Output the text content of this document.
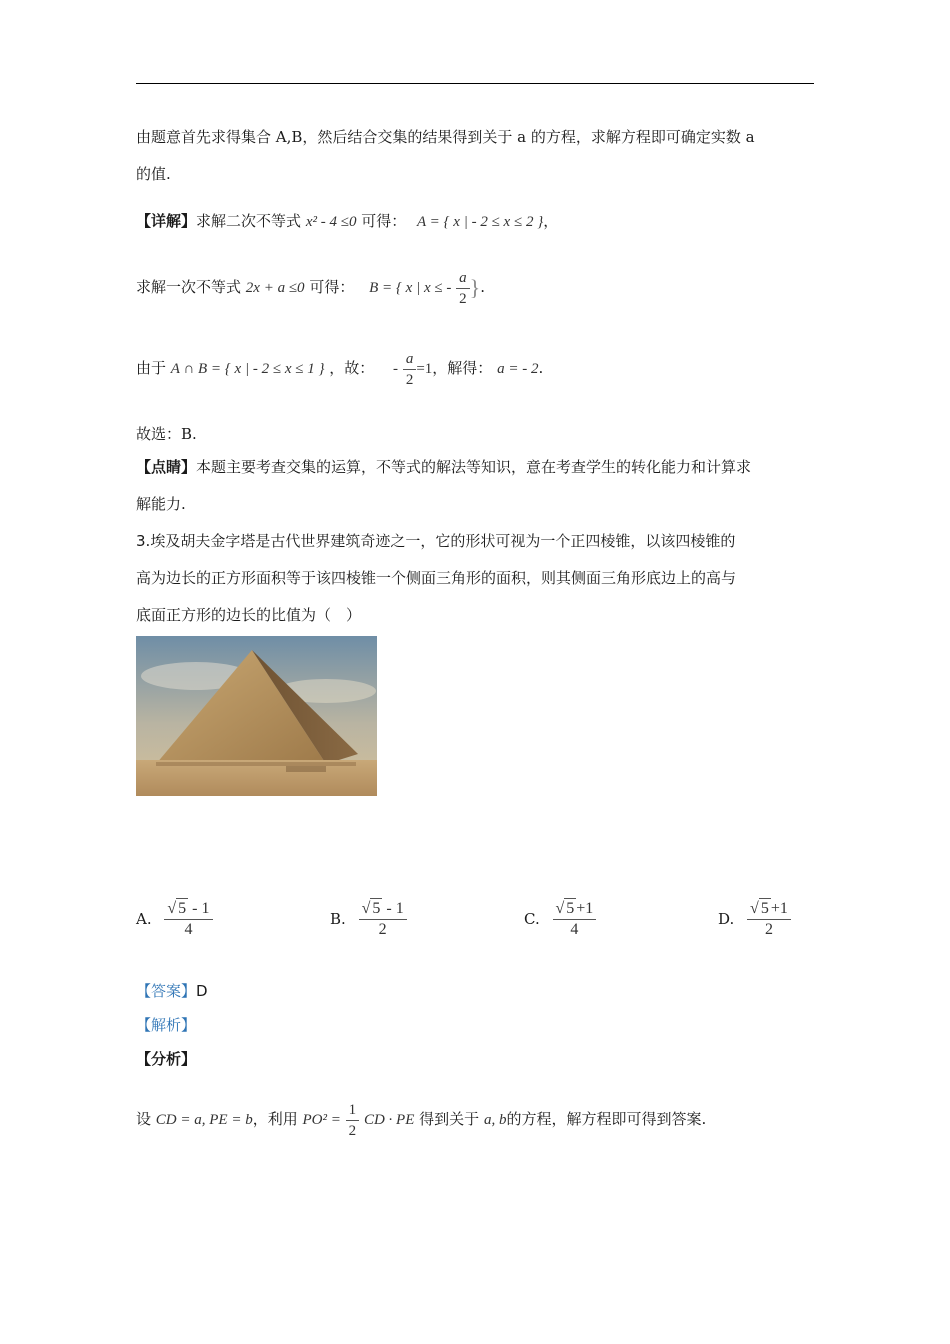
由题意首先求得集合 A,B，然后结合交集的结果得到关于 a 的方程，求解方程即可确定实数 a
的值.
【详解】求解二次不等式 x² - 4 ≤0 可得： A = { x | - 2 ≤ x ≤ 2 }，
求解一次不等式 2x + a ≤0 可得： B = { x | x ≤ - $\frac{a}{2}$ }.
由于 A ∩ B = { x | - 2 ≤ x ≤ 1 } ，故： - $\frac{a}{2} =1$，解得： a = - 2.
故选：B.
【点睛】本题主要考查交集的运算，不等式的解法等知识，意在考查学生的转化能力和计算求
解能力.
3.埃及胡夫金字塔是古代世界建筑奇迹之一，它的形状可视为一个正四棱锥，以该四棱锥的
高为边长的正方形面积等于该四棱锥一个侧面三角形的面积，则其侧面三角形底边上的高与
底面正方形的边长的比值为（　）
A. $\frac{√ 5 - 1}{4}$	B. $\frac{√ 5 - 1}{2}$	C. $\frac{√ 5 +1}{4}$	D. $\frac{√ 5 +1}{2}$
【答案】D
【解析】
【分析】
设 CD = a, PE = b，利用 $PO^2 = \frac{1}{2}$ CD · PE 得到关于 a, b的方程，解方程即可得到答案.
